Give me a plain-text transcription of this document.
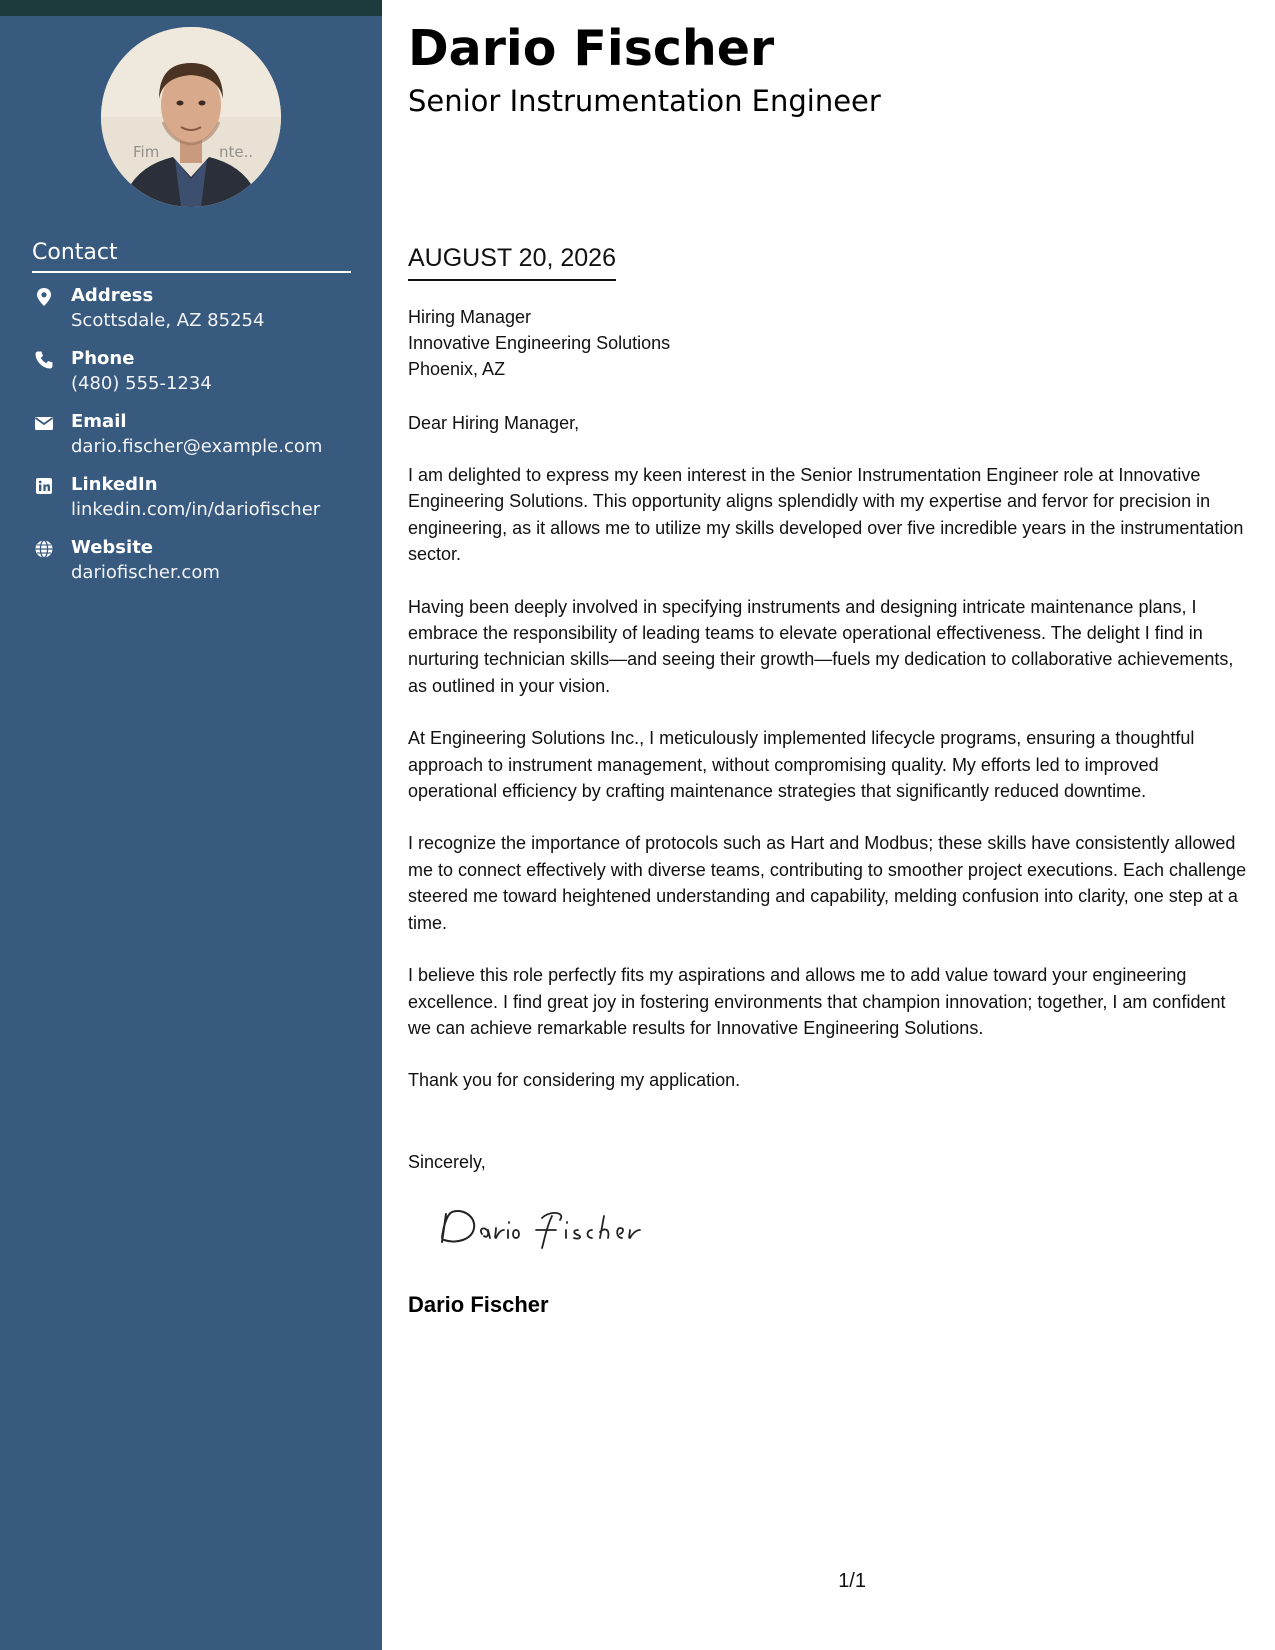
Fim	nte..
Contact
Address
Scottsdale, AZ 85254
Phone
(480) 555-1234
Email
dario.fischer@example.com
LinkedIn
linkedin.com/in/dariofischer
Website
dariofischer.com
Dario Fischer
Senior Instrumentation Engineer
AUGUST 20, 2026
Hiring Manager
Innovative Engineering Solutions
Phoenix, AZ
Dear Hiring Manager,

I am delighted to express my keen interest in the Senior Instrumentation Engineer role at Innovative Engineering Solutions. This opportunity aligns splendidly with my expertise and fervor for precision in engineering, as it allows me to utilize my skills developed over five incredible years in the instrumentation sector.

Having been deeply involved in specifying instruments and designing intricate maintenance plans, I embrace the responsibility of leading teams to elevate operational effectiveness. The delight I find in nurturing technician skills—and seeing their growth—fuels my dedication to collaborative achievements, as outlined in your vision.

At Engineering Solutions Inc., I meticulously implemented lifecycle programs, ensuring a thoughtful approach to instrument management, without compromising quality. My efforts led to improved operational efficiency by crafting maintenance strategies that significantly reduced downtime.

I recognize the importance of protocols such as Hart and Modbus; these skills have consistently allowed me to connect effectively with diverse teams, contributing to smoother project executions. Each challenge steered me toward heightened understanding and capability, melding confusion into clarity, one step at a time.

I believe this role perfectly fits my aspirations and allows me to add value toward your engineering excellence. I find great joy in fostering environments that champion innovation; together, I am confident we can achieve remarkable results for Innovative Engineering Solutions.

Thank you for considering my application.

Sincerely,
Dario Fischer
1/1
